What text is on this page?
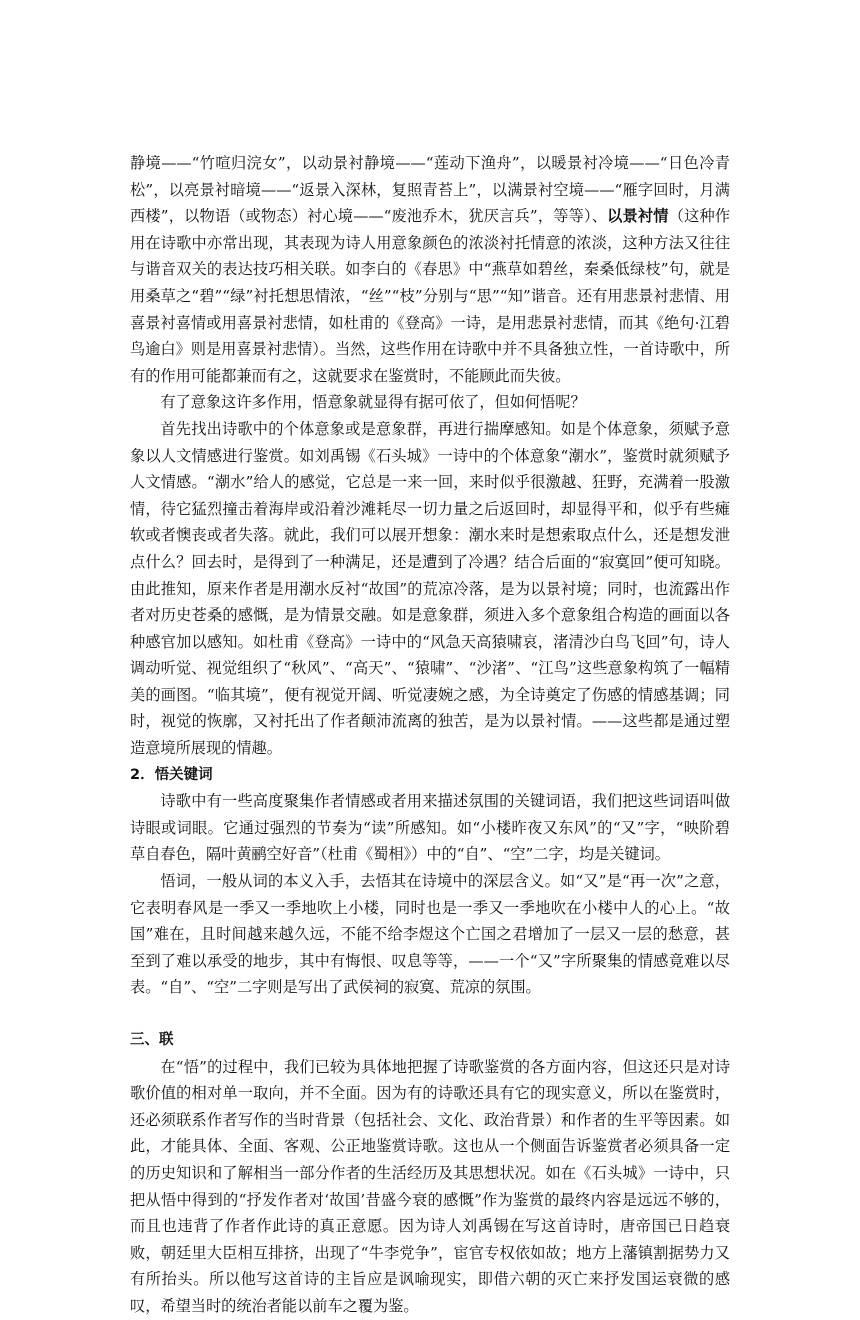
静境——“竹喧归浣女”，以动景衬静境——“莲动下渔舟”，以暖景衬冷境——“日色冷青松”，以亮景衬暗境——“返景入深林，复照青苔上”，以满景衬空境——“雁字回时，月满西楼”，以物语（或物态）衬心境——“废池乔木，犹厌言兵”，等等）、以景衬情（这种作用在诗歌中亦常出现，其表现为诗人用意象颜色的浓淡衬托情意的浓淡，这种方法又往往与谐音双关的表达技巧相关联。如李白的《春思》中“燕草如碧丝，秦桑低绿枝”句，就是用桑草之“碧”“绿”衬托想思情浓，“丝”“枝”分别与“思”“知”谐音。还有用悲景衬悲情、用喜景衬喜情或用喜景衬悲情，如杜甫的《登高》一诗，是用悲景衬悲情，而其《绝句·江碧鸟逾白》则是用喜景衬悲情）。当然，这些作用在诗歌中并不具备独立性，一首诗歌中，所有的作用可能都兼而有之，这就要求在鉴赏时，不能顾此而失彼。

有了意象这许多作用，悟意象就显得有据可依了，但如何悟呢？

首先找出诗歌中的个体意象或是意象群，再进行揣摩感知。如是个体意象，须赋予意象以人文情感进行鉴赏。如刘禹锡《石头城》一诗中的个体意象“潮水”，鉴赏时就须赋予人文情感。“潮水”给人的感觉，它总是一来一回，来时似乎很激越、狂野，充满着一股激情，待它猛烈撞击着海岸或沿着沙滩耗尽一切力量之后返回时，却显得平和，似乎有些瘫软或者懊丧或者失落。就此，我们可以展开想象：潮水来时是想索取点什么，还是想发泄点什么？回去时，是得到了一种满足，还是遭到了冷遇？结合后面的“寂寞回”便可知晓。由此推知，原来作者是用潮水反衬“故国”的荒凉冷落，是为以景衬境；同时，也流露出作者对历史苍桑的感慨，是为情景交融。如是意象群，须进入多个意象组合构造的画面以各种感官加以感知。如杜甫《登高》一诗中的“风急天高猿啸哀，渚清沙白鸟飞回”句，诗人调动听觉、视觉组织了“秋风”、“高天”、“猿啸”、“沙渚”、“江鸟”这些意象构筑了一幅精美的画图。“临其境”，便有视觉开阔、听觉凄婉之感，为全诗奠定了伤感的情感基调；同时，视觉的恢廓，又衬托出了作者颠沛流离的独苦，是为以景衬情。——这些都是通过塑造意境所展现的情趣。

2．悟关键词

诗歌中有一些高度聚集作者情感或者用来描述氛围的关键词语，我们把这些词语叫做诗眼或词眼。它通过强烈的节奏为“读”所感知。如“小楼昨夜又东风”的“又”字，“映阶碧草自春色，隔叶黄鹂空好音”（杜甫《蜀相》）中的“自”、“空”二字，均是关键词。

悟词，一般从词的本义入手，去悟其在诗境中的深层含义。如“又”是“再一次”之意，它表明春风是一季又一季地吹上小楼，同时也是一季又一季地吹在小楼中人的心上。“故国”难在，且时间越来越久远，不能不给李煜这个亡国之君增加了一层又一层的愁意，甚至到了难以承受的地步，其中有悔恨、叹息等等，——一个“又”字所聚集的情感竟难以尽表。“自”、“空”二字则是写出了武侯祠的寂寞、荒凉的氛围。

三、联

在“悟”的过程中，我们已较为具体地把握了诗歌鉴赏的各方面内容，但这还只是对诗歌价值的相对单一取向，并不全面。因为有的诗歌还具有它的现实意义，所以在鉴赏时，还必须联系作者写作的当时背景（包括社会、文化、政治背景）和作者的生平等因素。如此，才能具体、全面、客观、公正地鉴赏诗歌。这也从一个侧面告诉鉴赏者必须具备一定的历史知识和了解相当一部分作者的生活经历及其思想状况。如在《石头城》一诗中，只把从悟中得到的“抒发作者对‘故国’昔盛今衰的感慨”作为鉴赏的最终内容是远远不够的，而且也违背了作者作此诗的真正意愿。因为诗人刘禹锡在写这首诗时，唐帝国已日趋衰败，朝廷里大臣相互排挤，出现了“牛李党争”，宦官专权依如故；地方上藩镇割据势力又有所抬头。所以他写这首诗的主旨应是讽喻现实，即借六朝的灭亡来抒发国运衰微的感叹，希望当时的统治者能以前车之覆为鉴。
